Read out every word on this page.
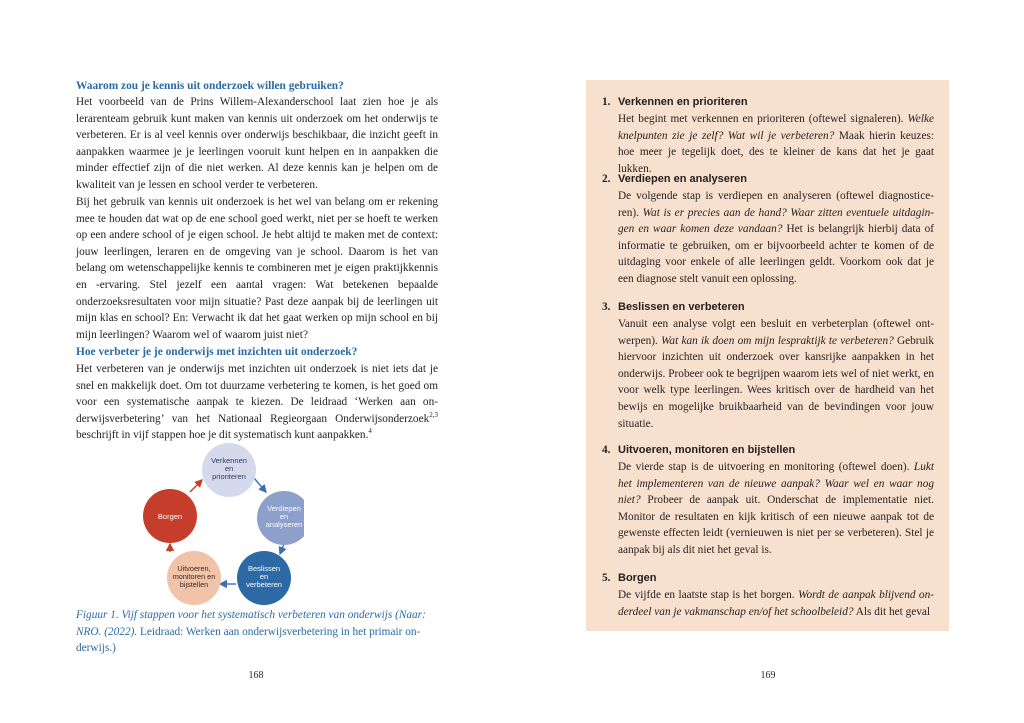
Waarom zou je kennis uit onderzoek willen gebruiken?

Het voorbeeld van de Prins Willem-Alexanderschool laat zien hoe je als lerarenteam gebruik kunt maken van kennis uit onderzoek om het onderwijs te verbeteren. Er is al veel kennis over onderwijs beschikbaar, die inzicht geeft in aanpakken waarmee je je leerlingen vooruit kunt helpen en in aanpakken die minder effectief zijn of die niet werken. Al deze kennis kan je helpen om de kwaliteit van je lessen en school verder te verbeteren.

Bij het gebruik van kennis uit onderzoek is het wel van belang om er rekening mee te houden dat wat op de ene school goed werkt, niet per se hoeft te werken op een andere school of je eigen school. Je hebt altijd te maken met de context: jouw leerlingen, leraren en de omgeving van je school. Daarom is het van belang om wetenschappelijke kennis te combineren met je eigen praktijkkennis en -ervaring. Stel jezelf een aantal vragen: Wat betekenen bepaalde onderzoeksresultaten voor mijn situatie? Past deze aanpak bij de leerlingen uit mijn klas en school? En: Verwacht ik dat het gaat werken op mijn school en bij mijn leerlingen? Waarom wel of waarom juist niet?

Hoe verbeter je je onderwijs met inzichten uit onderzoek?

Het verbeteren van je onderwijs met inzichten uit onderzoek is niet iets dat je snel en makkelijk doet. Om tot duurzame verbetering te komen, is het goed om voor een systematische aanpak te kiezen. De leidraad ‘Werken aan onderwijsverbetering’ van het Nationaal Regieorgaan Onderwijsonderzoek$^{2,3}$ beschrijft in vijf stappen hoe je dit systematisch kunt aanpakken.$^4$

Verkennen
en
prioriteren
Verdiepen
en
analyseren
Beslissen
en
verbeteren
Uitvoeren,
monitoren en
bijstellen
Borgen

Figuur 1. Vijf stappen voor het systematisch verbeteren van onderwijs (Naar: NRO. (2022). Leidraad: Werken aan onderwijsverbetering in het primair onderwijs.)

168
1. Verkennen en prioriteren

Het begint met verkennen en prioriteren (oftewel signaleren). Welke knelpunten zie je zelf? Wat wil je verbeteren? Maak hierin keuzes: hoe meer je tegelijk doet, des te kleiner de kans dat het je gaat lukken.

2. Verdiepen en analyseren

De volgende stap is verdiepen en analyseren (oftewel diagnosticeren). Wat is er precies aan de hand? Waar zitten eventuele uitdagingen en waar komen deze vandaan? Het is belangrijk hierbij data of informatie te gebruiken, om er bijvoorbeeld achter te komen of de uitdaging voor enkele of alle leerlingen geldt. Voorkom ook dat je een diagnose stelt vanuit een oplossing.

3. Beslissen en verbeteren

Vanuit een analyse volgt een besluit en verbeterplan (oftewel ontwerpen). Wat kan ik doen om mijn lespraktijk te verbeteren? Gebruik hiervoor inzichten uit onderzoek over kansrijke aanpakken in het onderwijs. Probeer ook te begrijpen waarom iets wel of niet werkt, en voor welk type leerlingen. Wees kritisch over de hardheid van het bewijs en mogelijke bruikbaarheid van de bevindingen voor jouw situatie.

4. Uitvoeren, monitoren en bijstellen

De vierde stap is de uitvoering en monitoring (oftewel doen). Lukt het implementeren van de nieuwe aanpak? Waar wel en waar nog niet? Probeer de aanpak uit. Onderschat de implementatie niet. Monitor de resultaten en kijk kritisch of een nieuwe aanpak tot de gewenste effecten leidt (vernieuwen is niet per se verbeteren). Stel je aanpak bij als dit niet het geval is.

5. Borgen

De vijfde en laatste stap is het borgen. Wordt de aanpak blijvend onderdeel van je vakmanschap en/of het schoolbeleid? Als dit het geval

169
